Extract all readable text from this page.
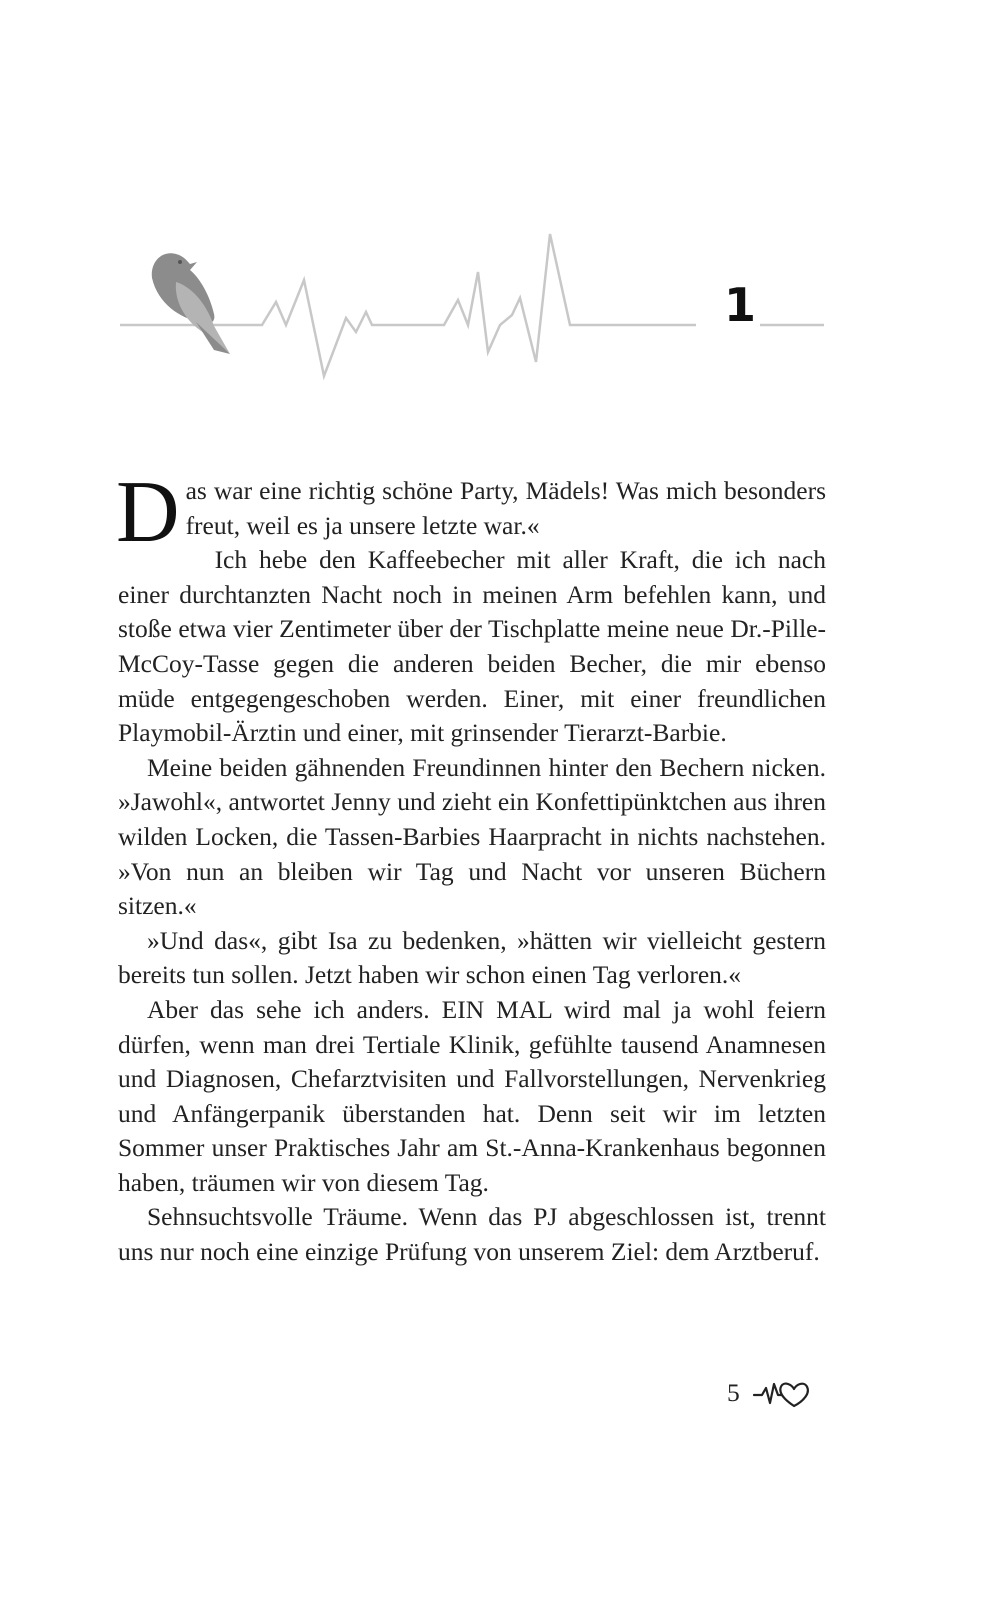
1

Das war eine richtig schöne Party, Mädels! Was mich besonders freut, weil es ja unsere letzte war.«

Ich hebe den Kaffeebecher mit aller Kraft, die ich nach einer durchtanzten Nacht noch in meinen Arm befehlen kann, und stoße etwa vier Zentimeter über der Tischplatte meine neue Dr.-Pille-McCoy-Tasse gegen die anderen beiden Becher, die mir ebenso müde entgegengeschoben werden. Einer, mit einer freundlichen Playmobil-Ärztin und einer, mit grinsender Tierarzt-Barbie.

Meine beiden gähnenden Freundinnen hinter den Bechern nicken. »Jawohl«, antwortet Jenny und zieht ein Konfettipünktchen aus ihren wilden Locken, die Tassen-Barbies Haarpracht in nichts nachstehen. »Von nun an bleiben wir Tag und Nacht vor unseren Büchern sitzen.«

»Und das«, gibt Isa zu bedenken, »hätten wir vielleicht gestern bereits tun sollen. Jetzt haben wir schon einen Tag verloren.«

Aber das sehe ich anders. EIN MAL wird mal ja wohl feiern dürfen, wenn man drei Tertiale Klinik, gefühlte tausend Anamnesen und Diagnosen, Chefarztvisiten und Fallvorstellungen, Nervenkrieg und Anfängerpanik überstanden hat. Denn seit wir im letzten Sommer unser Praktisches Jahr am St.-Anna-Krankenhaus begonnen haben, träumen wir von diesem Tag.

Sehnsuchtsvolle Träume. Wenn das PJ abgeschlossen ist, trennt uns nur noch eine einzige Prüfung von unserem Ziel: dem Arztberuf.

5
